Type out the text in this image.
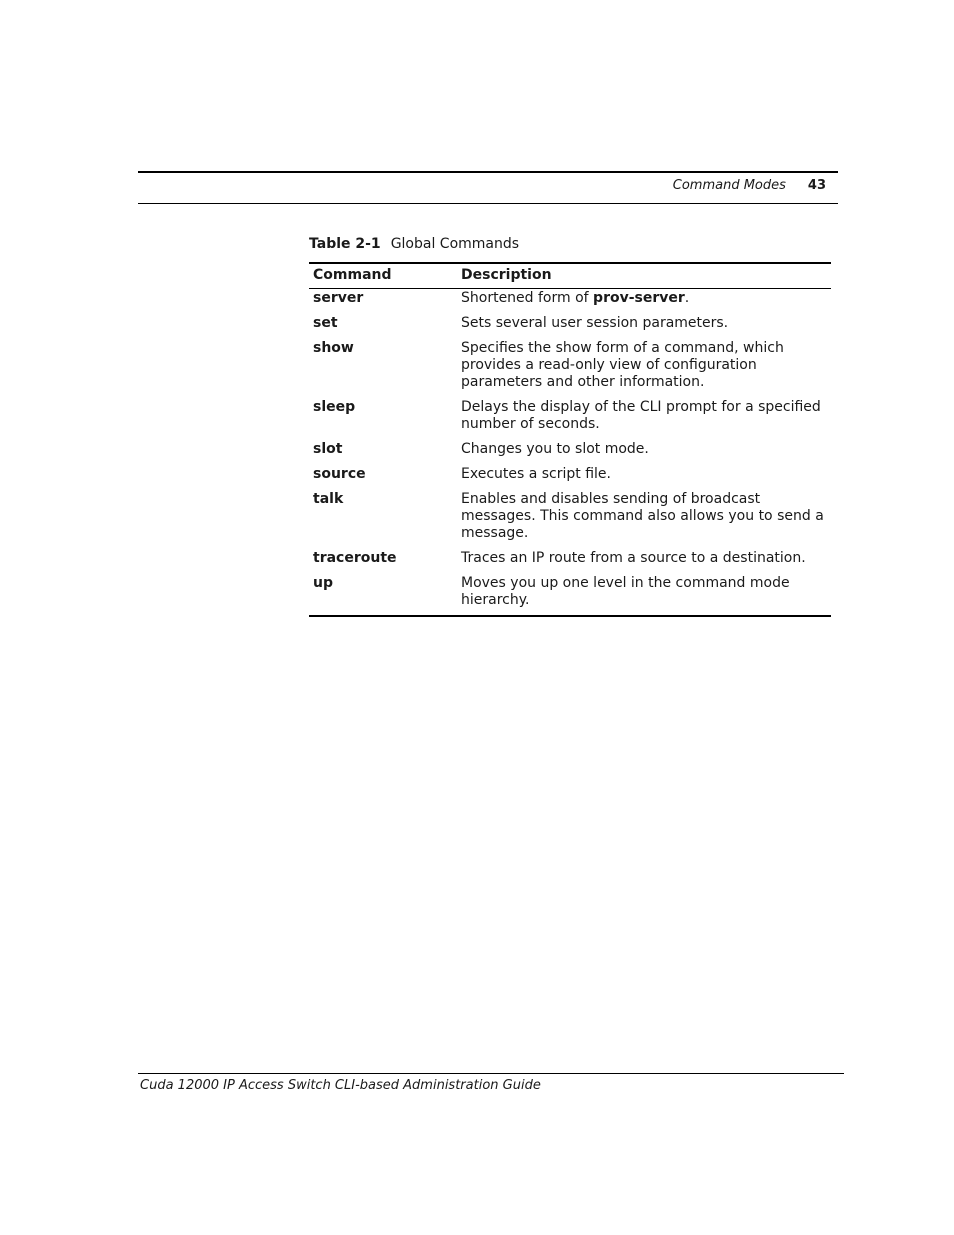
Command Modes 43
Table 2-1 Global Commands
Command	Description
server	Shortened form of prov-server.
set	Sets several user session parameters.
show	Specifies the show form of a command, which provides a read-only view of configuration parameters and other information.
sleep	Delays the display of the CLI prompt for a specified number of seconds.
slot	Changes you to slot mode.
source	Executes a script file.
talk	Enables and disables sending of broadcast messages. This command also allows you to send a message.
traceroute	Traces an IP route from a source to a destination.
up	Moves you up one level in the command mode hierarchy.
Cuda 12000 IP Access Switch CLI-based Administration Guide
